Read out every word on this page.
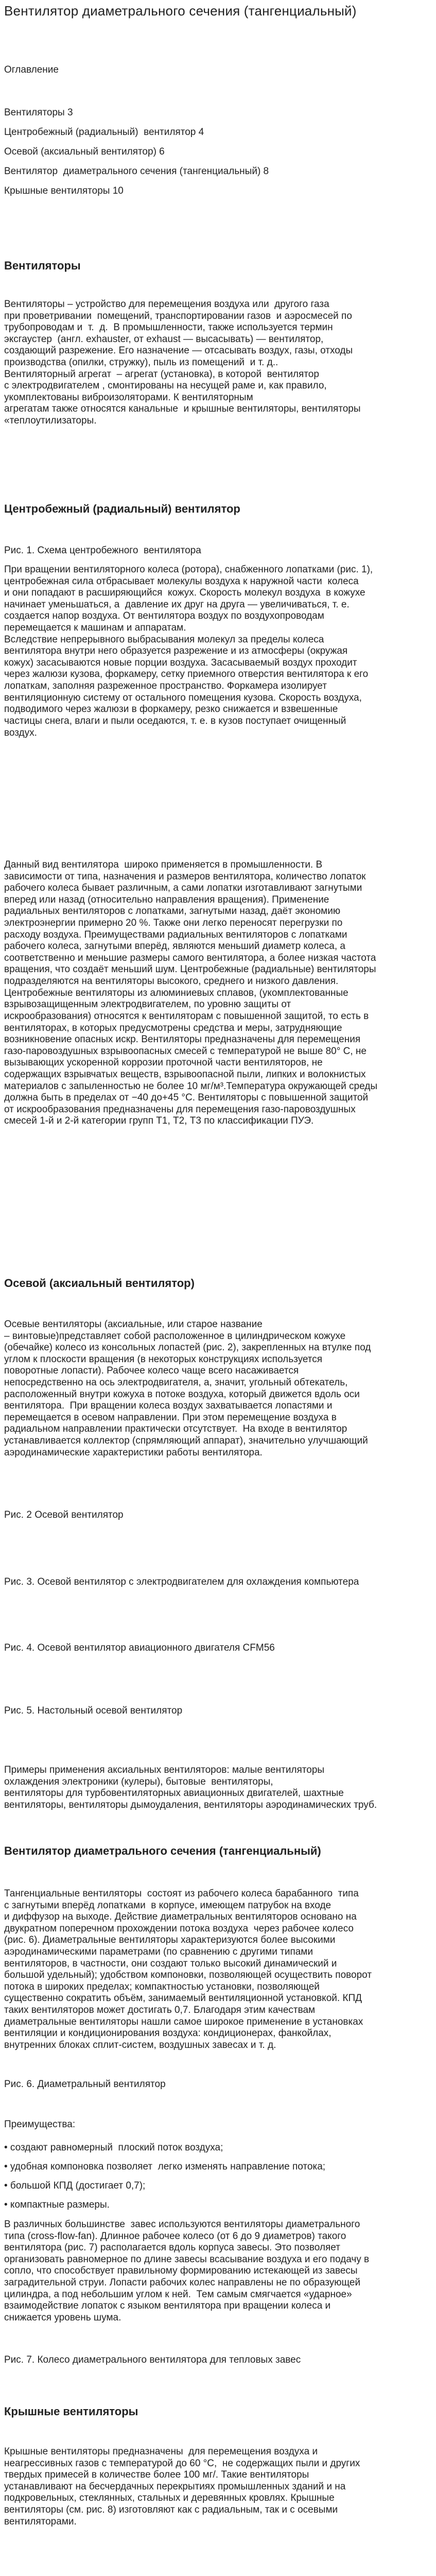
Вентилятор диаметрального сечения (тангенциальный)

Оглавление

Вентиляторы 3

Центробежный (радиальный)  вентилятор 4

Осевой (аксиальный вентилятор) 6

Вентилятор  диаметрального сечения (тангенциальный) 8

Крышные вентиляторы 10

Вентиляторы

Вентиляторы – устройство для перемещения воздуха или  другого газа
при проветривании  помещений, транспортировании газов  и аэросмесей по
трубопроводам и  т.  д.  В промышленности, также используется термин
эксгаустер  (англ. exhauster, от exhaust — высасывать) — вентилятор,
создающий разрежение. Его назначение — отсасывать воздух, газы, отходы
производства (опилки, стружку), пыль из помещений  и т. д..
Вентиляторный агрегат  – агрегат (установка), в которой  вентилятор
с электродвигателем , смонтированы на несущей раме и, как правило,
укомплектованы виброизоляторами. К вентиляторным
агрегатам также относятся канальные  и крышные вентиляторы, вентиляторы
«теплоутилизаторы.

Центробежный (радиальный) вентилятор

Рис. 1. Схема центробежного  вентилятора

При вращении вентиляторного колеса (ротора), снабженного лопатками (рис. 1),
центробежная сила отбрасывает молекулы воздуха к наружной части  колеса
и они попадают в расширяющийся  кожух. Скорость молекул воздуха  в кожухе
начинает уменьшаться, а  давление их друг на друга — увеличиваться, т. е.
создается напор воздуха. От вентилятора воздух по воздухопроводам
перемещается к машинам и аппаратам.
Вследствие непрерывного выбрасывания молекул за пределы колеса
вентилятора внутри него образуется разрежение и из атмосферы (окружая
кожух) засасываются новые порции воздуха. Засасываемый воздух проходит
через жалюзи кузова, форкамеру, сетку приемного отверстия вентилятора к его
лопаткам, заполняя разреженное пространство. Форкамера изолирует
вентиляционную систему от остального помещения кузова. Скорость воздуха,
подводимого через жалюзи в форкамеру, резко снижается и взвешенные
частицы снега, влаги и пыли оседаются, т. е. в кузов поступает очищенный
воздух.

Данный вид вентилятора  широко применяется в промышленности. В
зависимости от типа, назначения и размеров вентилятора, количество лопаток
рабочего колеса бывает различным, а сами лопатки изготавливают загнутыми
вперед или назад (относительно направления вращения). Применение
радиальных вентиляторов с лопатками, загнутыми назад, даёт экономию
электроэнергии примерно 20 %. Также они легко переносят перегрузки по
расходу воздуха. Преимуществами радиальных вентиляторов с лопатками
рабочего колеса, загнутыми вперёд, являются меньший диаметр колеса, а
соответственно и меньшие размеры самого вентилятора, а более низкая частота
вращения, что создаёт меньший шум. Центробежные (радиальные) вентиляторы
подразделяются на вентиляторы высокого, среднего и низкого давления.
Центробежные вентиляторы из алюминиевых сплавов, (укомплектованные
взрывозащищенным электродвигателем, по уровню защиты от
искрообразования) относятся к вентиляторам с повышенной защитой, то есть в
вентиляторах, в которых предусмотрены средства и меры, затрудняющие
возникновение опасных искр. Вентиляторы предназначены для перемещения
газо-паровоздушных взрывоопасных смесей с температурой не выше 80° С, не
вызывающих ускоренной коррозии проточной части вентиляторов, не
содержащих взрывчатых веществ, взрывоопасной пыли, липких и волокнистых
материалов с запыленностью не более 10 мг/м³.Температура окружающей среды
должна быть в пределах от −40 до+45 °С. Вентиляторы с повышенной защитой
от искрообразования предназначены для перемещения газо-паровоздушных
смесей 1-й и 2-й категории групп Т1, Т2, Т3 по классификации ПУЭ.

Осевой (аксиальный вентилятор)

Осевые вентиляторы (аксиальные, или старое название
– винтовые)представляет собой расположенное в цилиндрическом кожухе
(обечайке) колесо из консольных лопастей (рис. 2), закрепленных на втулке под
углом к плоскости вращения (в некоторых конструкциях используется
поворотные лопасти). Рабочее колесо чаще всего насаживается
непосредственно на ось электродвигателя, а, значит, угольный обтекатель,
расположенный внутри кожуха в потоке воздуха, который движется вдоль оси
вентилятора.  При вращении колеса воздух захватывается лопастями и
перемещается в осевом направлении. При этом перемещение воздуха в
радиальном направлении практически отсутствует.  На входе в вентилятор
устанавливается коллектор (спрямляющий аппарат), значительно улучшающий
аэродинамические характеристики работы вентилятора.

Рис. 2 Осевой вентилятор

Рис. 3. Осевой вентилятор с электродвигателем для охлаждения компьютера

Рис. 4. Осевой вентилятор авиационного двигателя CFM56

Рис. 5. Настольный осевой вентилятор

Примеры применения аксиальных вентиляторов: малые вентиляторы
охлаждения электроники (кулеры), бытовые  вентиляторы,
вентиляторы для турбовентиляторных авиационных двигателей, шахтные
вентиляторы, вентиляторы дымоудаления, вентиляторы аэродинамических труб.

Вентилятор диаметрального сечения (тангенциальный)

Тангенциальные вентиляторы  состоят из рабочего колеса барабанного  типа
с загнутыми вперёд лопатками  в корпусе, имеющем патрубок на входе
и диффузор на выходе. Действие диаметральных вентиляторов основано на
двукратном поперечном прохождении потока воздуха  через рабочее колесо
(рис. 6). Диаметральные вентиляторы характеризуются более высокими
аэродинамическими параметрами (по сравнению с другими типами
вентиляторов, в частности, они создают только высокий динамический и
большой удельный); удобством компоновки, позволяющей осуществить поворот
потока в широких пределах; компактностью установки, позволяющей
существенно сократить объём, занимаемый вентиляционной установкой. КПД
таких вентиляторов может достигать 0,7. Благодаря этим качествам
диаметральные вентиляторы нашли самое широкое применение в установках
вентиляции и кондиционирования воздуха: кондиционерах, фанкойлах,
внутренних блоках сплит-систем, воздушных завесах и т. д.

Рис. 6. Диаметральный вентилятор

Преимущества:

• создают равномерный  плоский поток воздуха;

• удобная компоновка позволяет  легко изменять направление потока;

• большой КПД (достигает 0,7);

• компактные размеры.

В различных большинстве  завес используются вентиляторы диаметрального
типа (cross-flow-fan). Длинное рабочее колесо (от 6 до 9 диаметров) такого
вентилятора (рис. 7) располагается вдоль корпуса завесы. Это позволяет
организовать равномерное по длине завесы всасывание воздуха и его подачу в
сопло, что способствует правильному формированию истекающей из завесы
заградительной струи. Лопасти рабочих колес направлены не по образующей
цилиндра, а под небольшим углом к ней.  Тем самым смягчается «ударное»
взаимодействие лопаток с языком вентилятора при вращении колеса и
снижается уровень шума.

Рис. 7. Колесо диаметрального вентилятора для тепловых завес

Крышные вентиляторы

Крышные вентиляторы предназначены  для перемещения воздуха и
неагрессивных газов с температурой до 60 °С,  не содержащих пыли и других
твердых примесей в количестве более 100 мг/. Такие вентиляторы
устанавливают на бесчердачных перекрытиях промышленных зданий и на
подкровельных, стеклянных, стальных и деревянных кровлях. Крышные
вентиляторы (см. рис. 8) изготовляют как с радиальным, так и с осевыми
вентиляторами.
